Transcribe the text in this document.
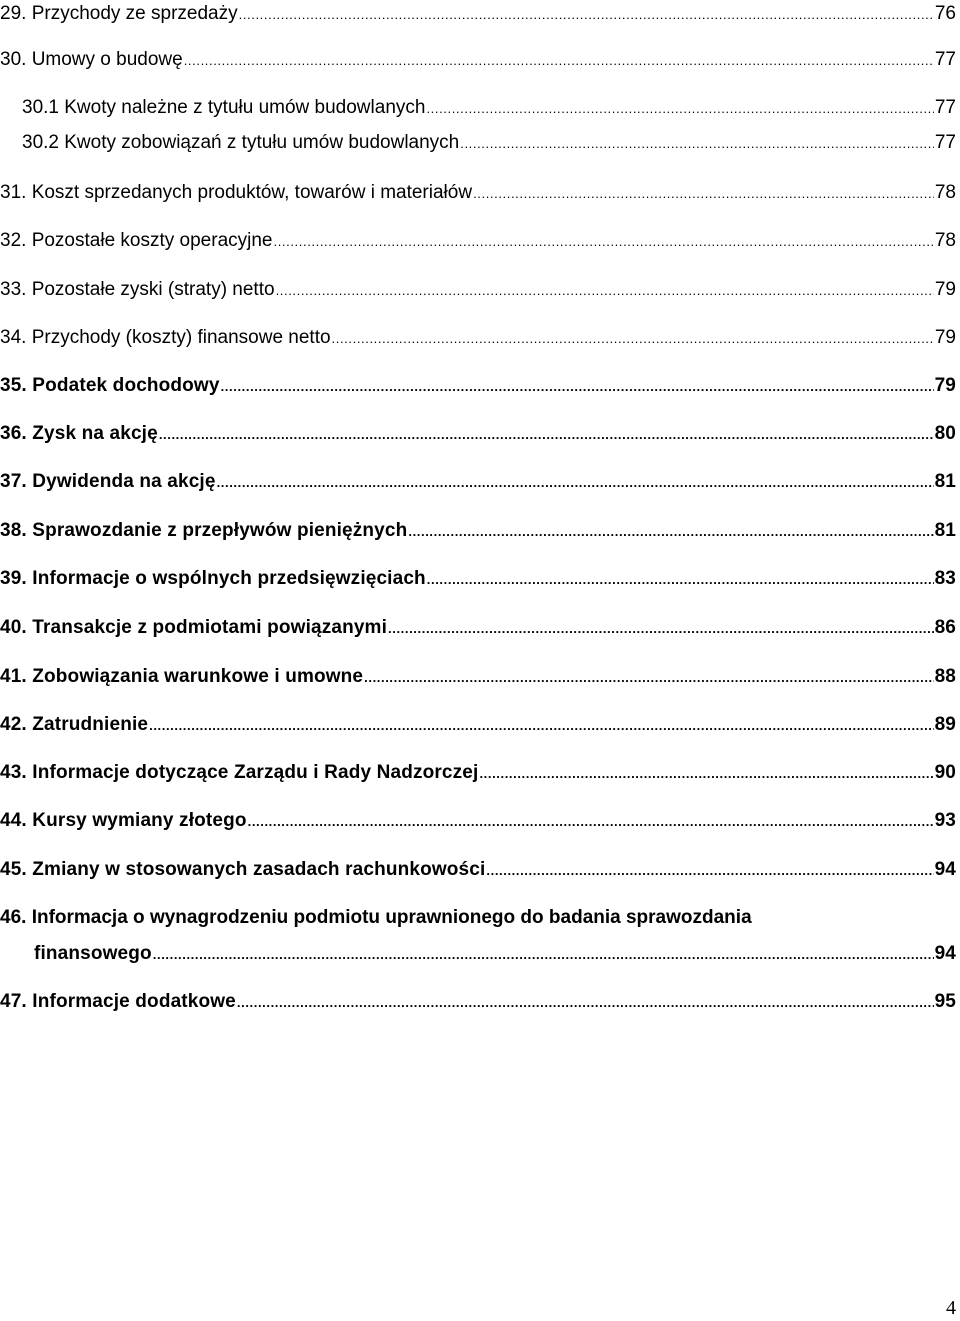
29. Przychody ze sprzedaży .....	76
30. Umowy o budowę .....	77
30.1 Kwoty należne z tytułu umów budowlanych .....	77
30.2 Kwoty zobowiązań z tytułu umów budowlanych .....	77
31. Koszt sprzedanych produktów, towarów i materiałów .....	78
32. Pozostałe koszty operacyjne .....	78
33. Pozostałe zyski (straty) netto .....	79
34. Przychody (koszty) finansowe netto .....	79
35. Podatek dochodowy .....	79
36. Zysk na akcję .....	80
37. Dywidenda na akcję .....	81
38. Sprawozdanie z przepływów pieniężnych .....	81
39. Informacje o wspólnych przedsięwzięciach .....	83
40. Transakcje z podmiotami powiązanymi .....	86
41. Zobowiązania warunkowe i umowne .....	88
42. Zatrudnienie .....	89
43. Informacje dotyczące Zarządu i Rady Nadzorczej .....	90
44. Kursy wymiany złotego .....	93
45. Zmiany w stosowanych zasadach rachunkowości .....	94
46. Informacja o wynagrodzeniu podmiotu uprawnionego do badania sprawozdania
finansowego .....	94
47. Informacje dodatkowe .....	95
4
